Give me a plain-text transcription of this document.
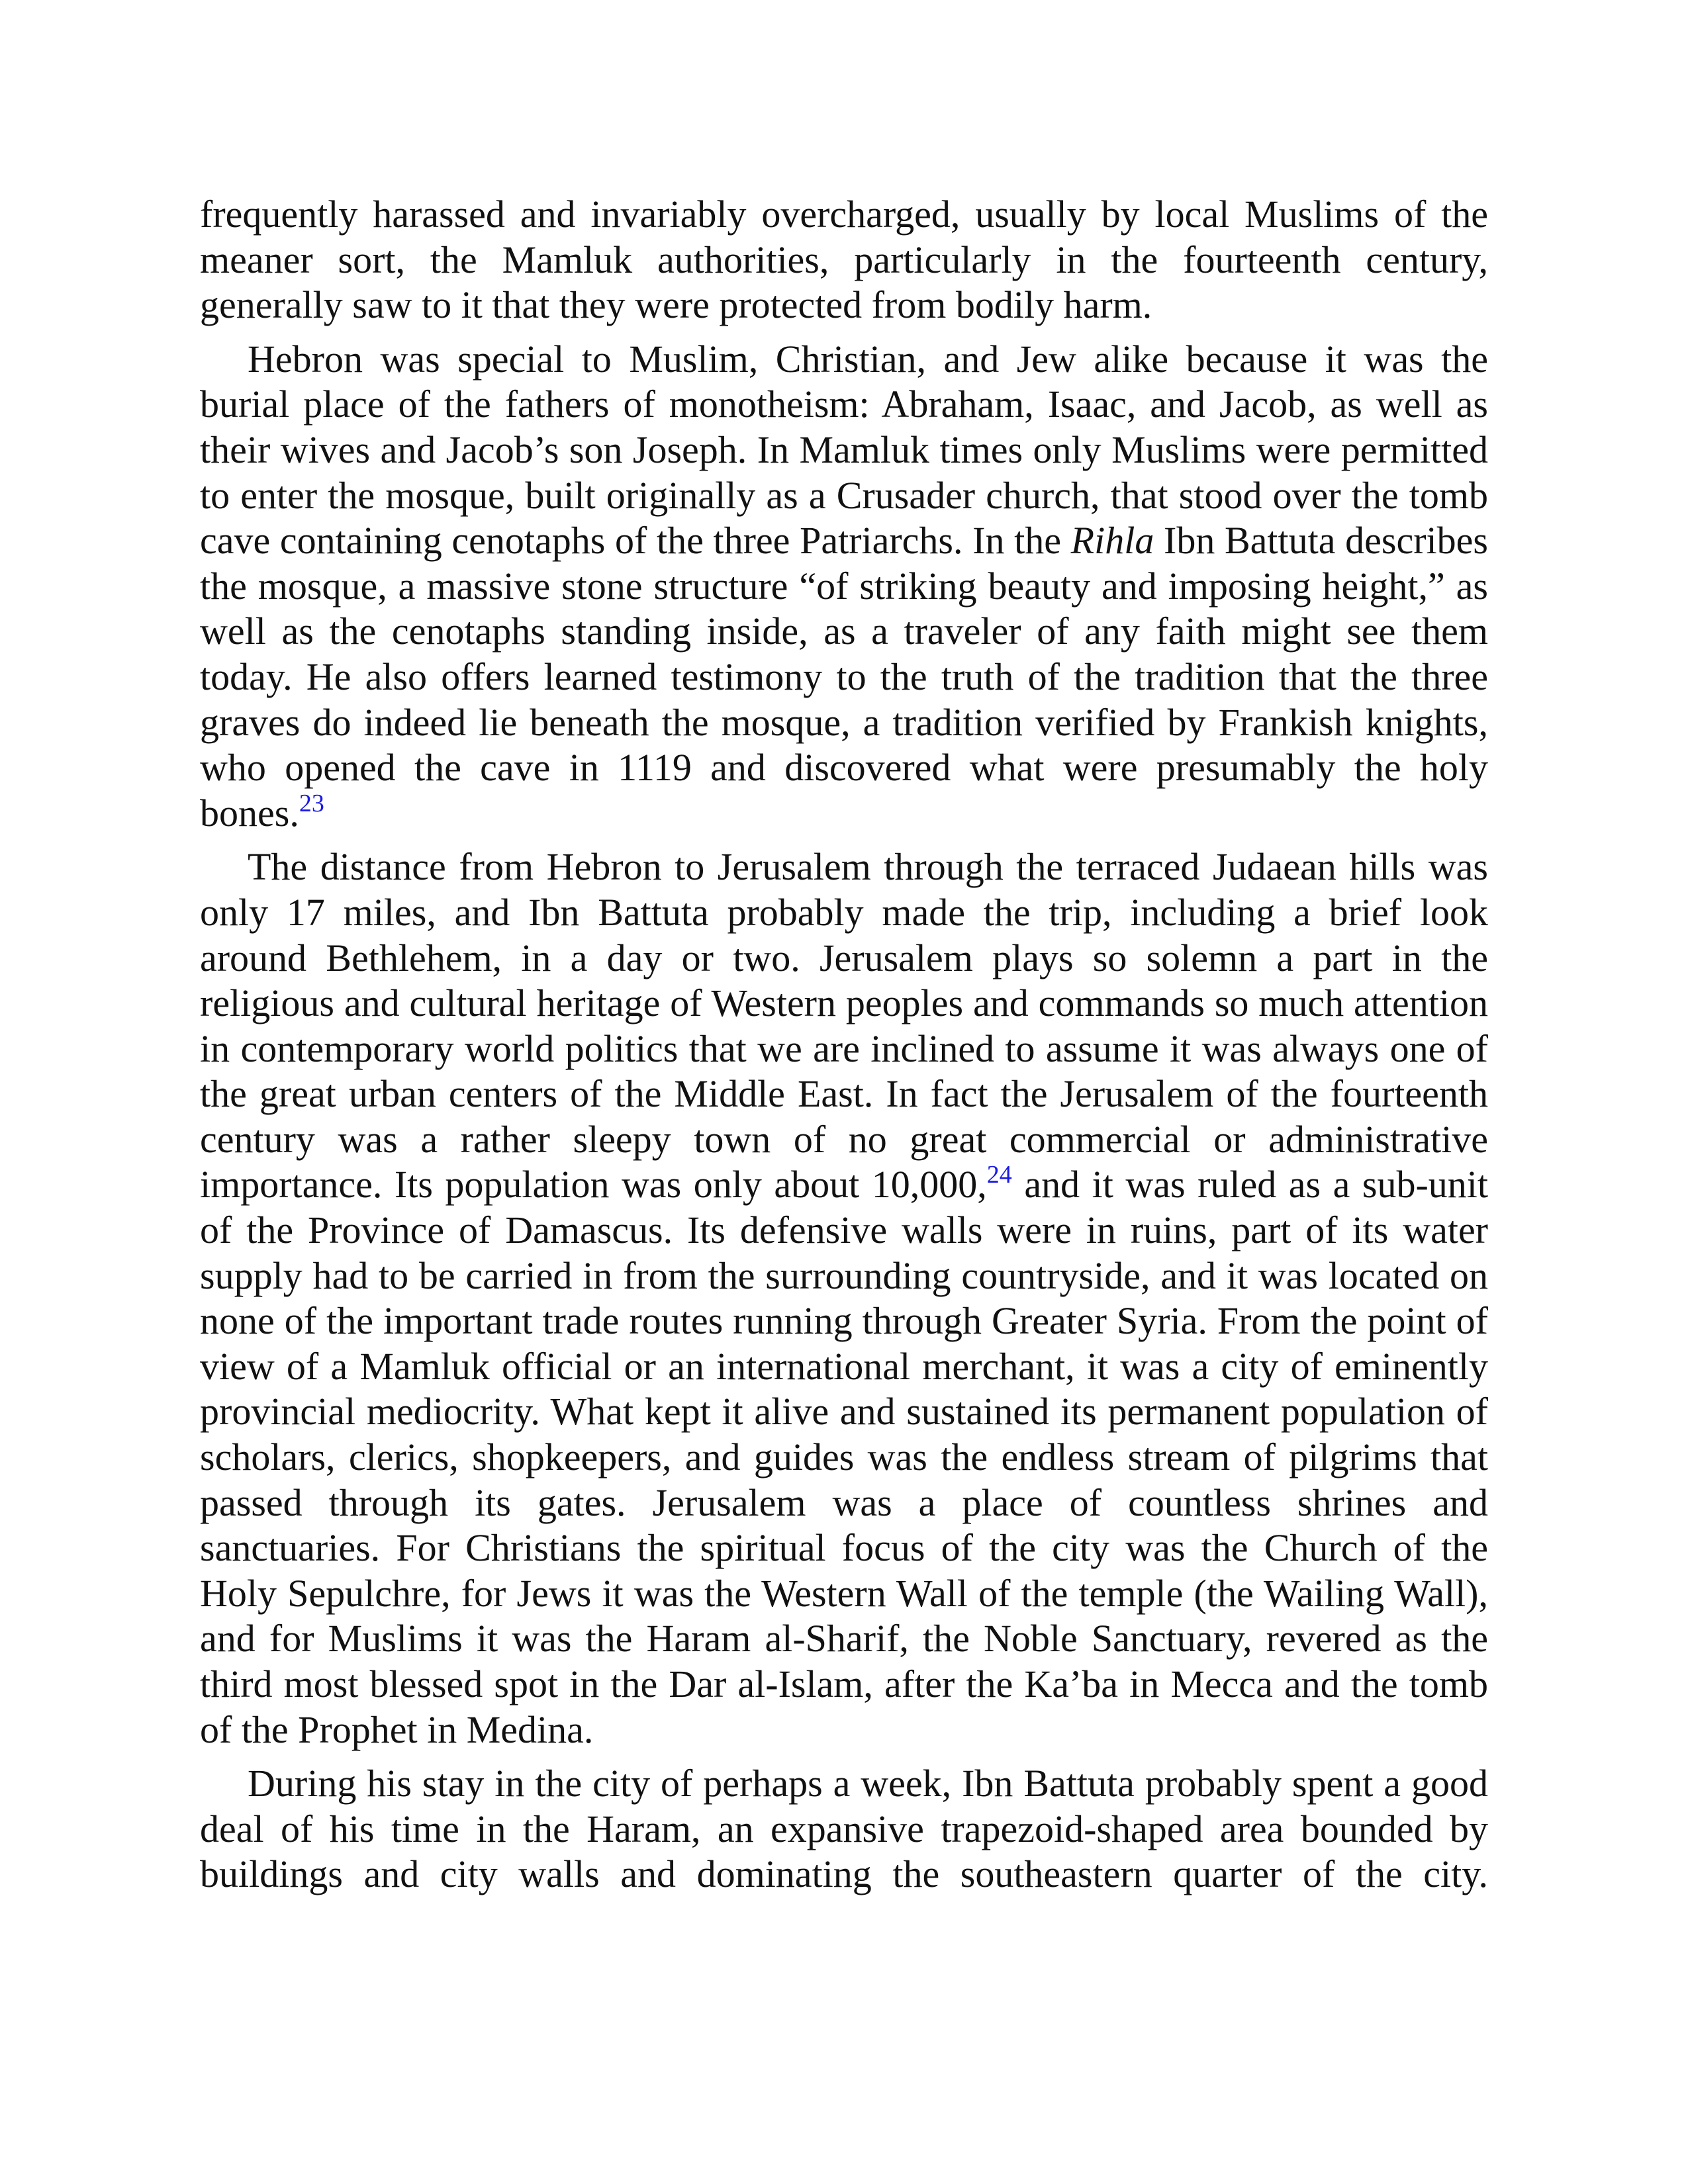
frequently harassed and invariably overcharged, usually by local Muslims of the meaner sort, the Mamluk authorities, particularly in the fourteenth century, generally saw to it that they were protected from bodily harm.

Hebron was special to Muslim, Christian, and Jew alike because it was the burial place of the fathers of monotheism: Abraham, Isaac, and Jacob, as well as their wives and Jacob’s son Joseph. In Mamluk times only Muslims were permitted to enter the mosque, built originally as a Crusader church, that stood over the tomb cave containing cenotaphs of the three Patriarchs. In the Rihla Ibn Battuta describes the mosque, a massive stone structure “of striking beauty and imposing height,” as well as the cenotaphs standing inside, as a traveler of any faith might see them today. He also offers learned testimony to the truth of the tradition that the three graves do indeed lie beneath the mosque, a tradition verified by Frankish knights, who opened the cave in 1119 and discovered what were presumably the holy bones.$^{23}$

The distance from Hebron to Jerusalem through the terraced Judaean hills was only 17 miles, and Ibn Battuta probably made the trip, including a brief look around Bethlehem, in a day or two. Jerusalem plays so solemn a part in the religious and cultural heritage of Western peoples and commands so much attention in contemporary world politics that we are inclined to assume it was always one of the great urban centers of the Middle East. In fact the Jerusalem of the fourteenth century was a rather sleepy town of no great commercial or administrative importance. Its population was only about 10,000,24 and it was ruled as a sub-unit of the Province of Damascus. Its defensive walls were in ruins, part of its water supply had to be carried in from the surrounding countryside, and it was located on none of the important trade routes running through Greater Syria. From the point of view of a Mamluk official or an international merchant, it was a city of eminently provincial mediocrity. What kept it alive and sustained its permanent population of scholars, clerics, shopkeepers, and guides was the endless stream of pilgrims that passed through its gates. Jerusalem was a place of countless shrines and sanctuaries. For Christians the spiritual focus of the city was the Church of the Holy Sepulchre, for Jews it was the Western Wall of the temple (the Wailing Wall), and for Muslims it was the Haram al-Sharif, the Noble Sanctuary, revered as the third most blessed spot in the Dar al-Islam, after the Ka’ba in Mecca and the tomb of the Prophet in Medina.

During his stay in the city of perhaps a week, Ibn Battuta probably spent a good deal of his time in the Haram, an expansive trapezoid-shaped area bounded by buildings and city walls and dominating the southeastern quarter of the city.
